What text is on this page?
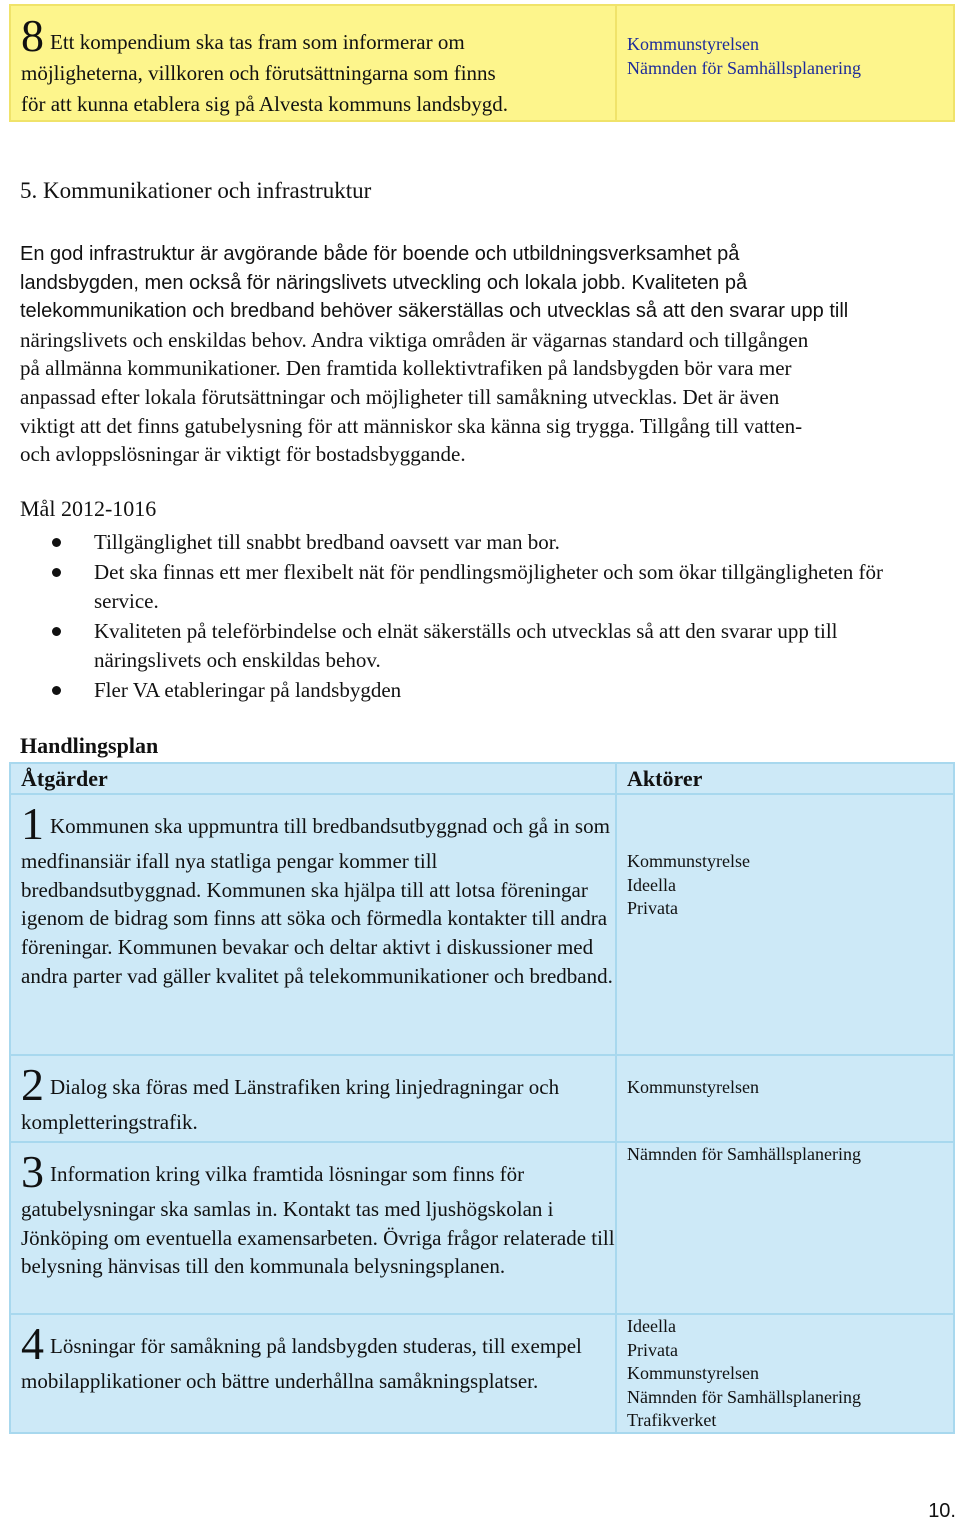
8 Ett kompendium ska tas fram som informerar om
möjligheterna, villkoren och förutsättningarna som finns
för att kunna etablera sig på Alvesta kommuns landsbygd.
Kommunstyrelsen
Nämnden för Samhällsplanering
5. Kommunikationer och infrastruktur
En god infrastruktur är avgörande både för boende och utbildningsverksamhet på
landsbygden, men också för näringslivets utveckling och lokala jobb. Kvaliteten på
telekommunikation och bredband behöver säkerställas och utvecklas så att den svarar upp till
näringslivets och enskildas behov. Andra viktiga områden är vägarnas standard och tillgången
på allmänna kommunikationer. Den framtida kollektivtrafiken på landsbygden bör vara mer
anpassad efter lokala förutsättningar och möjligheter till samåkning utvecklas. Det är även
viktigt att det finns gatubelysning för att människor ska känna sig trygga. Tillgång till vatten-
och avloppslösningar är viktigt för bostadsbyggande.
Mål 2012-1016
Tillgänglighet till snabbt bredband oavsett var man bor.
Det ska finnas ett mer flexibelt nät för pendlingsmöjligheter och som ökar tillgängligheten för service.
Kvaliteten på teleförbindelse och elnät säkerställs och utvecklas så att den svarar upp till näringslivets och enskildas behov.
Fler VA etableringar på landsbygden
Handlingsplan
Åtgärder	Aktörer
1 Kommunen ska uppmuntra till bredbandsutbyggnad och gå in som medfinansiär ifall nya statliga pengar kommer till bredbandsutbyggnad. Kommunen ska hjälpa till att lotsa föreningar igenom de bidrag som finns att söka och förmedla kontakter till andra föreningar. Kommunen bevakar och deltar aktivt i diskussioner med andra parter vad gäller kvalitet på telekommunikationer och bredband.
Kommunstyrelse
Ideella
Privata
2 Dialog ska föras med Länstrafiken kring linjedragningar och kompletteringstrafik.
Kommunstyrelsen
3 Information kring vilka framtida lösningar som finns för gatubelysningar ska samlas in. Kontakt tas med ljushögskolan i Jönköping om eventuella examensarbeten. Övriga frågor relaterade till belysning hänvisas till den kommunala belysningsplanen.
Nämnden för Samhällsplanering
4 Lösningar för samåkning på landsbygden studeras, till exempel mobilapplikationer och bättre underhållna samåkningsplatser.
Ideella
Privata
Kommunstyrelsen
Nämnden för Samhällsplanering
Trafikverket
10.
